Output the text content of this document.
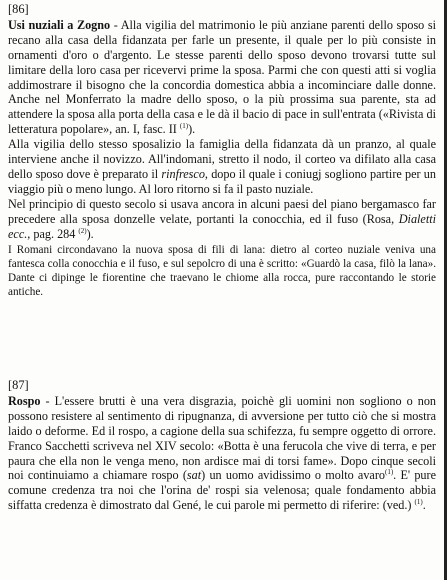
[86]

Usi nuziali a Zogno - Alla vigilia del matrimonio le più anziane parenti dello sposo si recano alla casa della fidanzata per farle un presente, il quale per lo più consiste in ornamenti d'oro o d'argento. Le stesse parenti dello sposo devono trovarsi tutte sul limitare della loro casa per ricevervi prime la sposa. Parmi che con questi atti si voglia addimostrare il bisogno che la concordia domestica abbia a incominciare dalle donne. Anche nel Monferrato la madre dello sposo, o la più prossima sua parente, sta ad attendere la sposa alla porta della casa e le dà il bacio di pace in sull'entrata («Rivista di letteratura popolare», an. I, fasc. II $^{(1)}$).

Alla vigilia dello stesso sposalizio la famiglia della fidanzata dà un pranzo, al quale interviene anche il novizzo. All'indomani, stretto il nodo, il corteo va difilato alla casa dello sposo dove è preparato il rinfresco, dopo il quale i coniugj sogliono partire per un viaggio più o meno lungo. Al loro ritorno si fa il pasto nuziale.

Nel principio di questo secolo si usava ancora in alcuni paesi del piano bergamasco far precedere alla sposa donzelle velate, portanti la conocchia, ed il fuso (Rosa, Dialetti ecc., pag. 284 $^{(2)}$).

I Romani circondavano la nuova sposa di fili di lana: dietro al corteo nuziale veniva una fantesca colla conocchia e il fuso, e sul sepolcro di una è scritto: «Guardò la casa, filò la lana». Dante ci dipinge le fiorentine che traevano le chiome alla rocca, pure raccontando le storie antiche.

[87]

Rospo - L'essere brutti è una vera disgrazia, poichè gli uomini non sogliono o non possono resistere al sentimento di ripugnanza, di avversione per tutto ciò che si mostra laido o deforme. Ed il rospo, a cagione della sua schifezza, fu sempre oggetto di orrore. Franco Sacchetti scriveva nel XIV secolo: «Botta è una ferucola che vive di terra, e per paura che ella non le venga meno, non ardisce mai di torsi fame». Dopo cinque secoli noi continuiamo a chiamare rospo (sat) un uomo avidissimo o molto avaro$^{(1)}$. E' pure comune credenza tra noi che l'orina de' rospi sia velenosa; quale fondamento abbia siffatta credenza è dimostrato dal Gené, le cui parole mi permetto di riferire: (ved.) $^{(1)}$.
